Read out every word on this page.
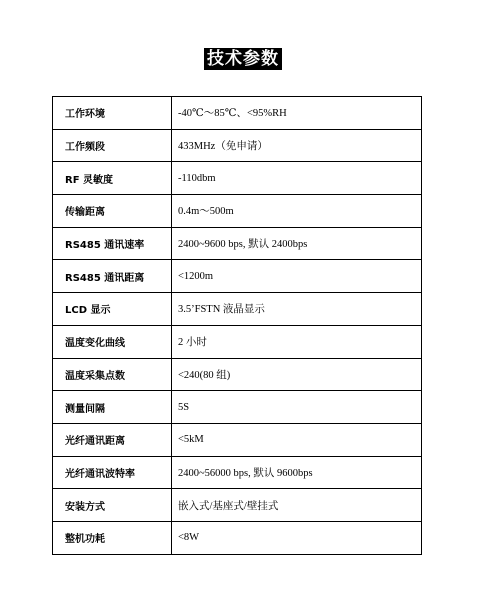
技术参数
工作环境	-40℃～85℃、<95%RH
工作频段	433MHz（免申请）
RF 灵敏度	-110dbm
传输距离	0.4m～500m
RS485 通讯速率	2400~9600 bps, 默认 2400bps
RS485 通讯距离	<1200m
LCD 显示	3.5’FSTN 液晶显示
温度变化曲线	2 小时
温度采集点数	<240(80 组)
测量间隔	5S
光纤通讯距离	<5kM
光纤通讯波特率	2400~56000 bps, 默认 9600bps
安装方式	嵌入式/基座式/壁挂式
整机功耗	<8W
